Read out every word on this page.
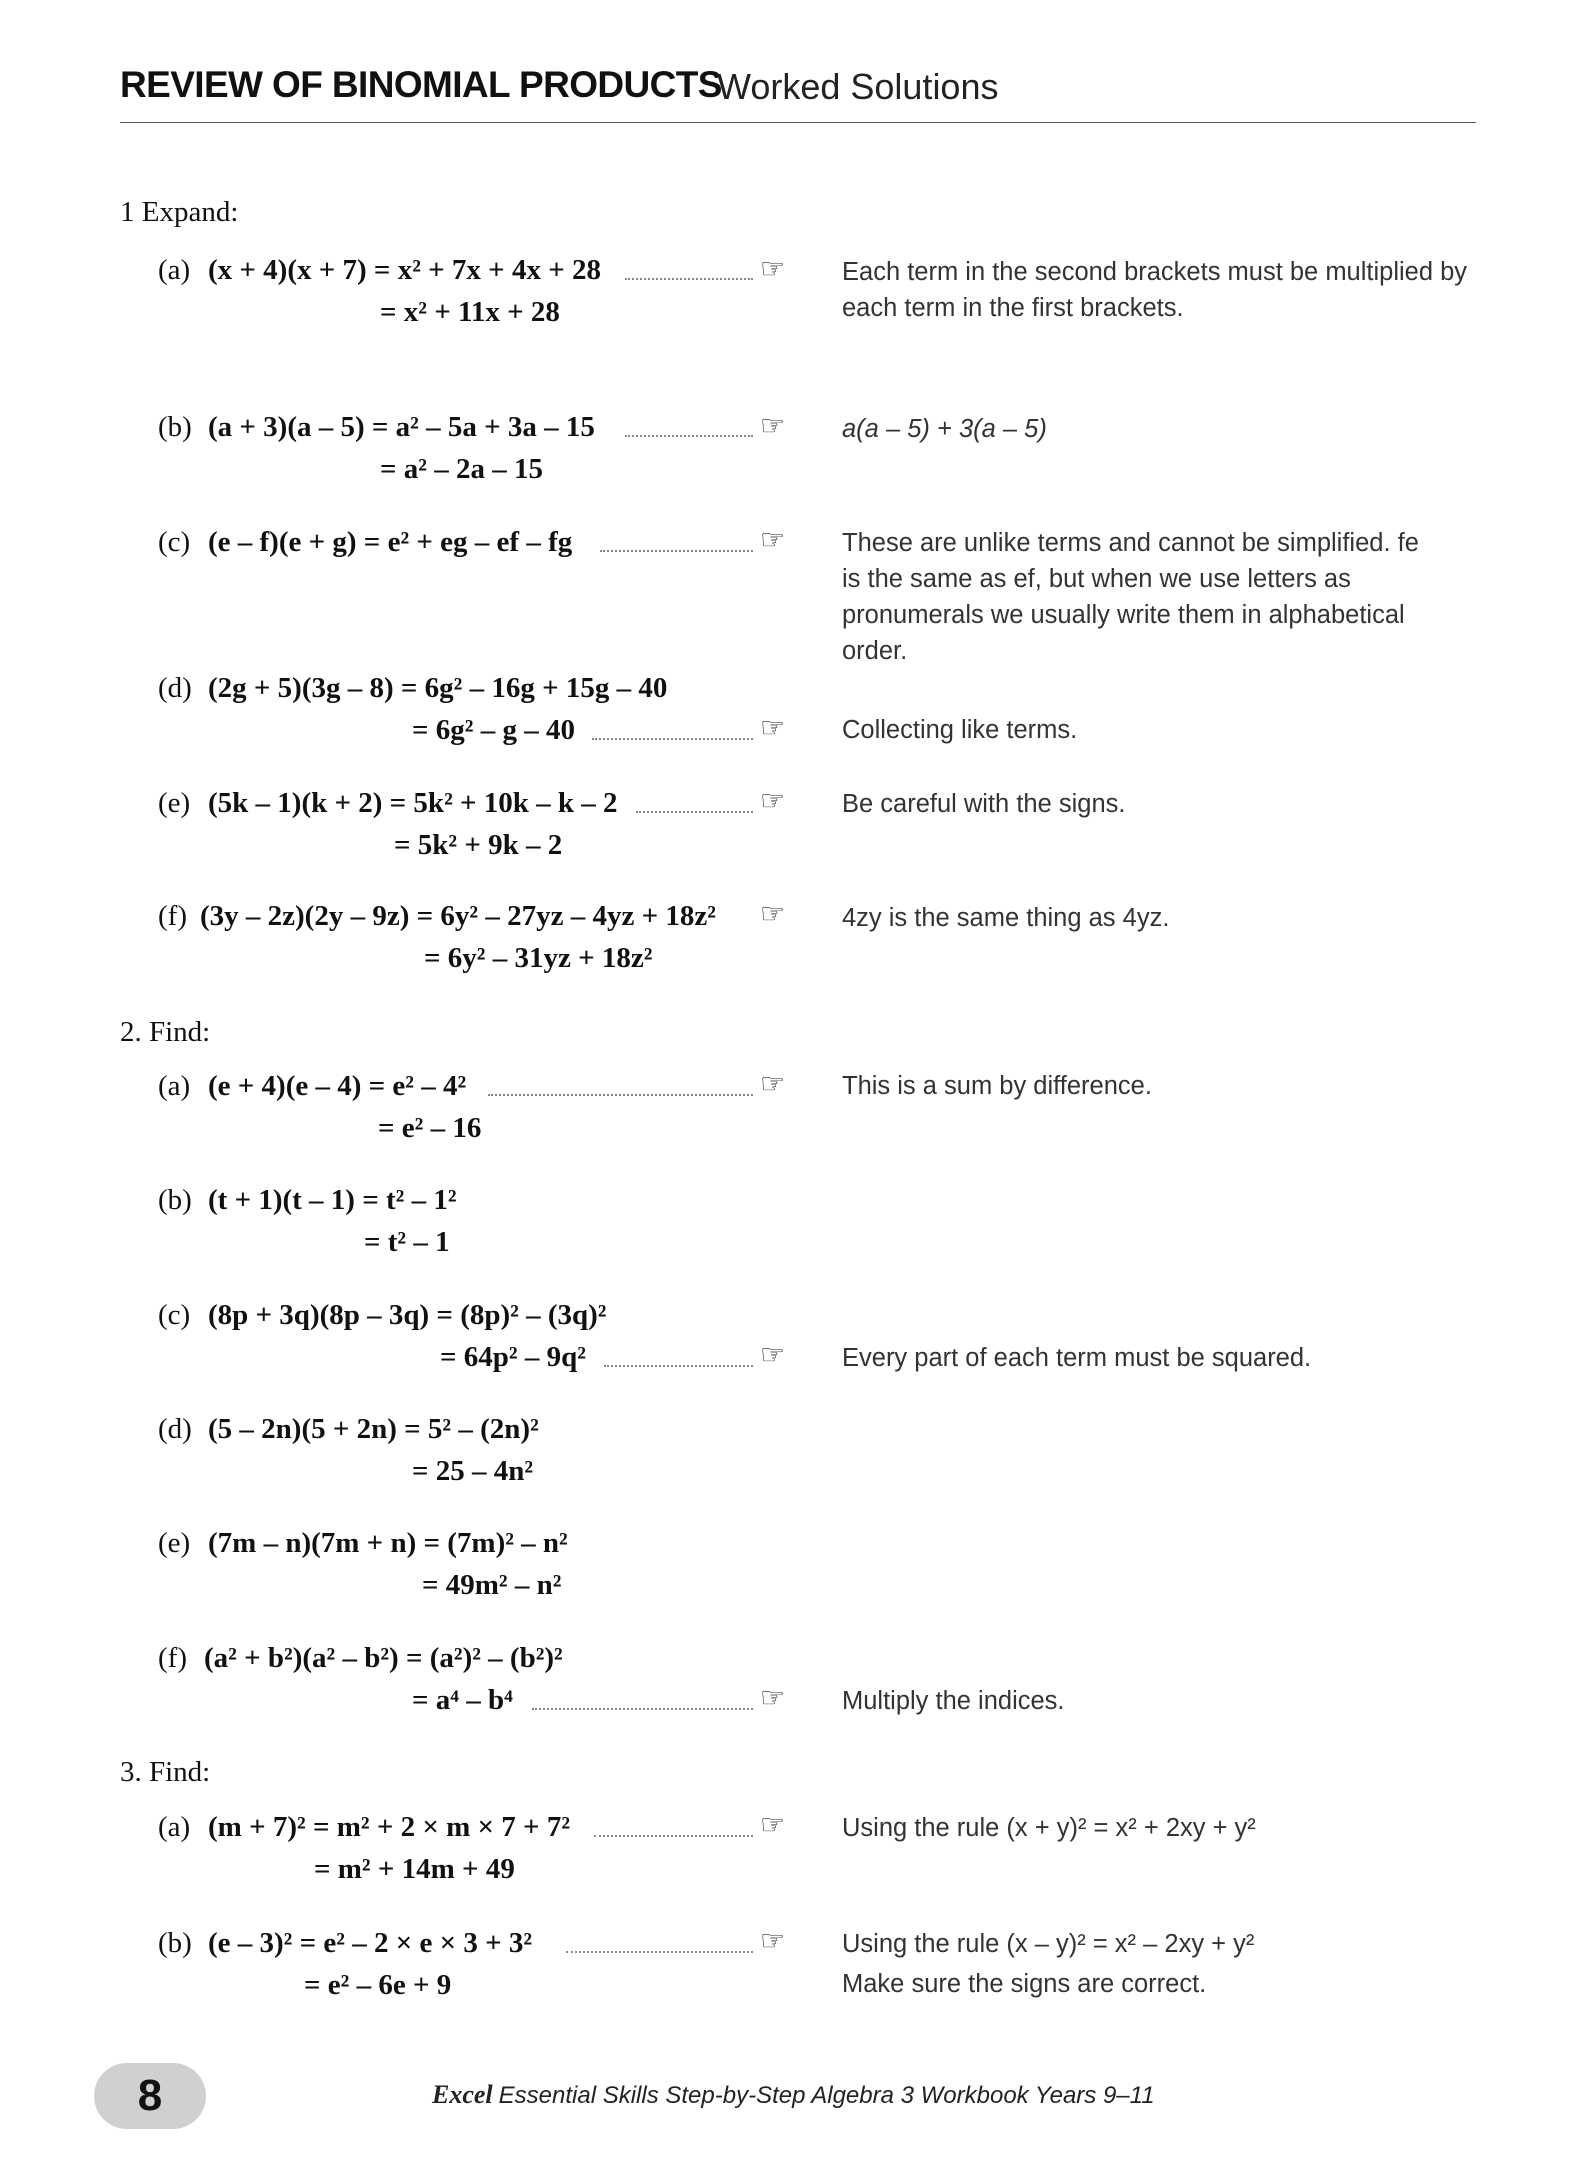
REVIEW OF BINOMIAL PRODUCTS
Worked Solutions
1 Expand:
(a) (x + 4)(x + 7) = x² + 7x + 4x + 28	☞
= x² + 11x + 28
Each term in the second brackets must be multiplied by each term in the first brackets.
(b) (a + 3)(a – 5) = a² – 5a + 3a – 15	☞
= a² – 2a – 15
a(a – 5) + 3(a – 5)
(c) (e – f)(e + g) = e² + eg – ef – fg	☞ These are unlike terms and cannot be simplified. fe is the same as ef, but when we use letters as pronumerals we usually write them in alphabetical order.
(d) (2g + 5)(3g – 8) = 6g² – 16g + 15g – 40
= 6g² – g – 40	☞ Collecting like terms.
(e) (5k – 1)(k + 2) = 5k² + 10k – k – 2	☞
= 5k² + 9k – 2
Be careful with the signs.
(f) (3y – 2z)(2y – 9z) = 6y² – 27yz – 4yz + 18z² ☞
= 6y² – 31yz + 18z²
4zy is the same thing as 4yz.
2. Find:
(a) (e + 4)(e – 4) = e² – 4²	☞
= e² – 16
This is a sum by difference.
(b) (t + 1)(t – 1) = t² – 1²
= t² – 1
(c) (8p + 3q)(8p – 3q) = (8p)² – (3q)²
= 64p² – 9q²	☞ Every part of each term must be squared.
(d) (5 – 2n)(5 + 2n) = 5² – (2n)²
= 25 – 4n²
(e) (7m – n)(7m + n) = (7m)² – n²
= 49m² – n²
(f) (a² + b²)(a² – b²) = (a²)² – (b²)²
= a⁴ – b⁴	☞ Multiply the indices.
3. Find:
(a) (m + 7)² = m² + 2 × m × 7 + 7²	☞
= m² + 14m + 49
Using the rule (x + y)² = x² + 2xy + y²
(b) (e – 3)² = e² – 2 × e × 3 + 3²	☞
= e² – 6e + 9
Using the rule (x – y)² = x² – 2xy + y²
Make sure the signs are correct.
8	Excel Essential Skills Step-by-Step Algebra 3 Workbook Years 9–11
